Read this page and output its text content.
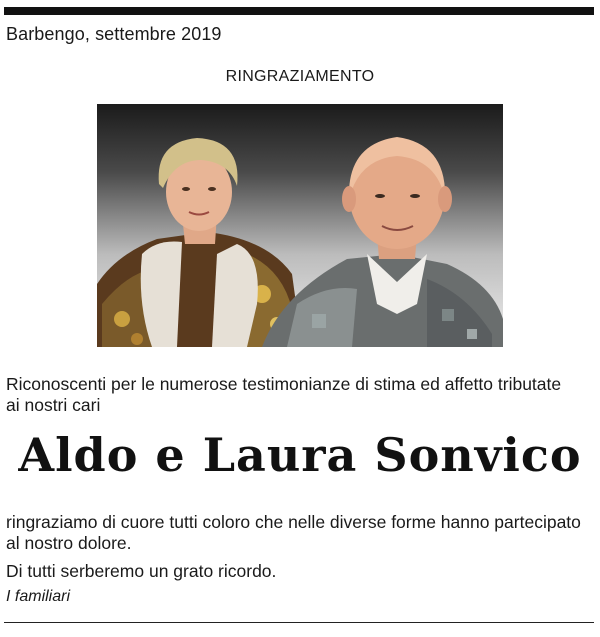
Barbengo, settembre 2019
RINGRAZIAMENTO
Riconoscenti per le numerose testimonianze di stima ed affetto tributate ai nostri cari
Aldo e Laura Sonvico
ringraziamo di cuore tutti coloro che nelle diverse forme hanno partecipato al nostro dolore.
Di tutti serberemo un grato ricordo.
I familiari
